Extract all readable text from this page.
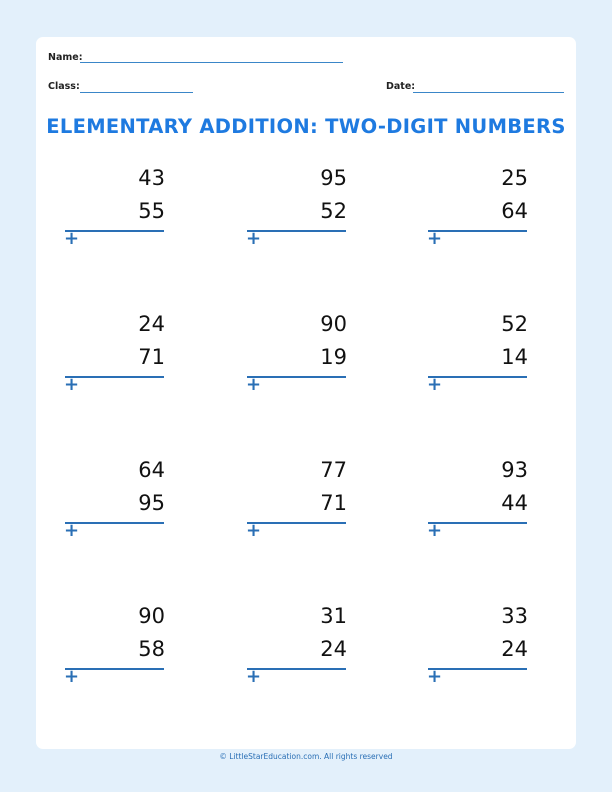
Name:
Class:	Date:
ELEMENTARY ADDITION: TWO-DIGIT NUMBERS
43
55
+
95
52
+
25
64
+
24
71
+
90
19
+
52
14
+
64
95
+
77
71
+
93
44
+
90
58
+
31
24
+
33
24
+
© LittleStarEducation.com. All rights reserved
